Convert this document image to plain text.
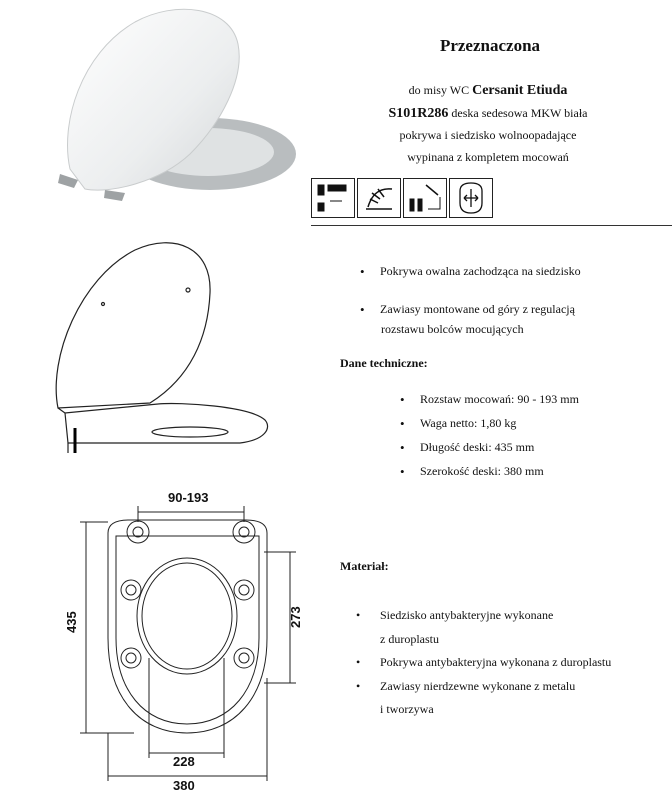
90-193
435	273
228
380
Przeznaczona
do misy WC Cersanit Etiuda
S101R286 deska sedesowa MKW biała
pokrywa i siedzisko wolnoopadające
wypinana z kompletem mocowań
• Pokrywa owalna zachodząca na siedzisko
• Zawiasy montowane od góry z regulacją
rozstawu bolców mocujących
Dane techniczne:
• Rozstaw mocowań: 90 - 193 mm
• Waga netto: 1,80 kg
• Długość deski: 435 mm
• Szerokość deski: 380 mm
Materiał:
• Siedzisko antybakteryjne wykonane
z duroplastu
• Pokrywa antybakteryjna wykonana z duroplastu
• Zawiasy nierdzewne wykonane z metalu
i tworzywa
